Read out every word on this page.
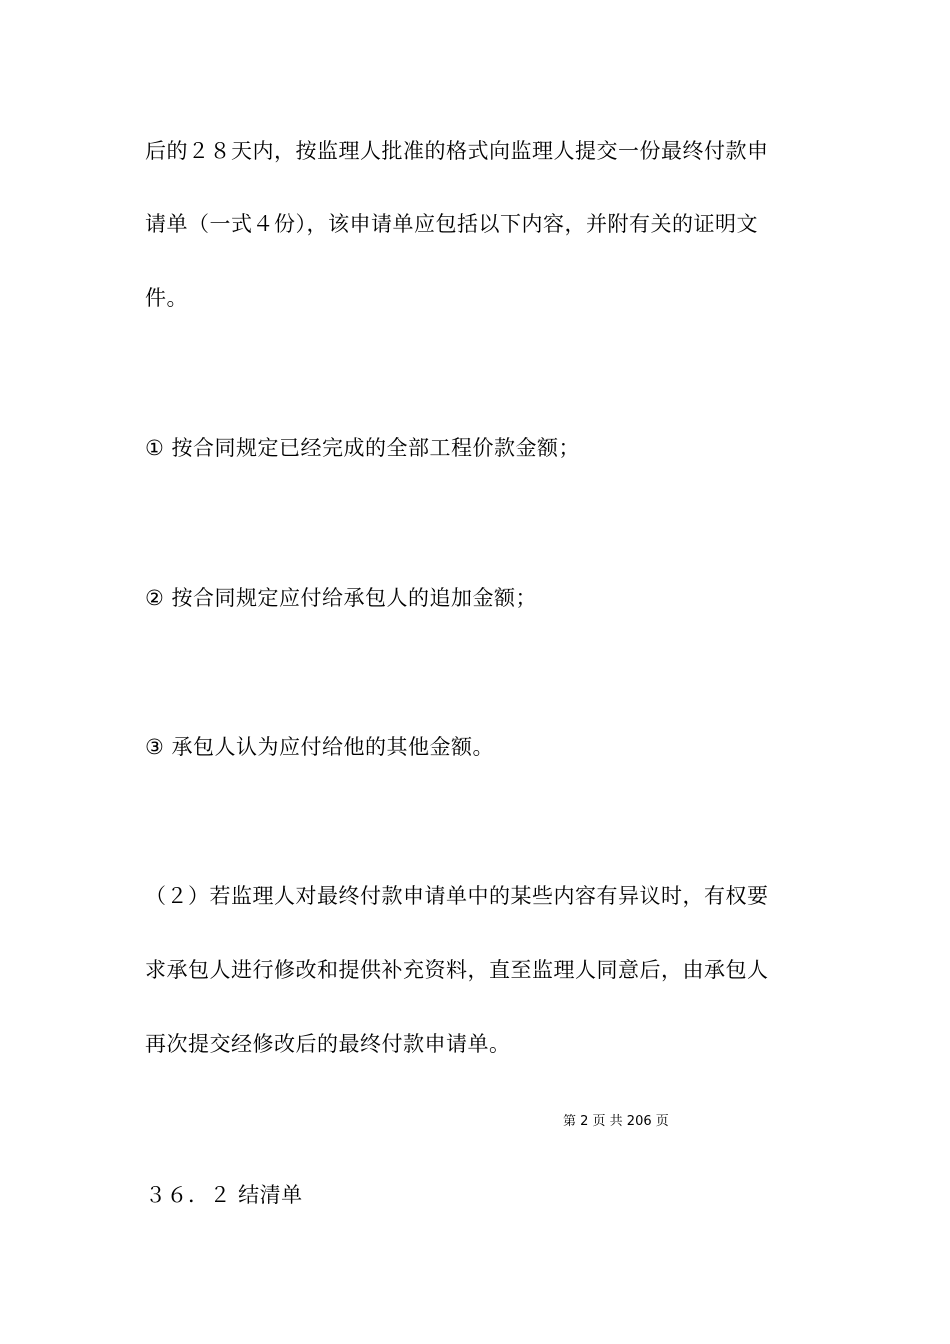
后的２８天内，按监理人批准的格式向监理人提交一份最终付款申
请单（一式４份），该申请单应包括以下内容，并附有关的证明文
件。
① 按合同规定已经完成的全部工程价款金额；
② 按合同规定应付给承包人的追加金额；
③ 承包人认为应付给他的其他金额。
（２）若监理人对最终付款申请单中的某些内容有异议时，有权要
求承包人进行修改和提供补充资料，直至监理人同意后，由承包人
再次提交经修改后的最终付款申请单。
第 2 页 共 206 页
３６．２ 结清单
